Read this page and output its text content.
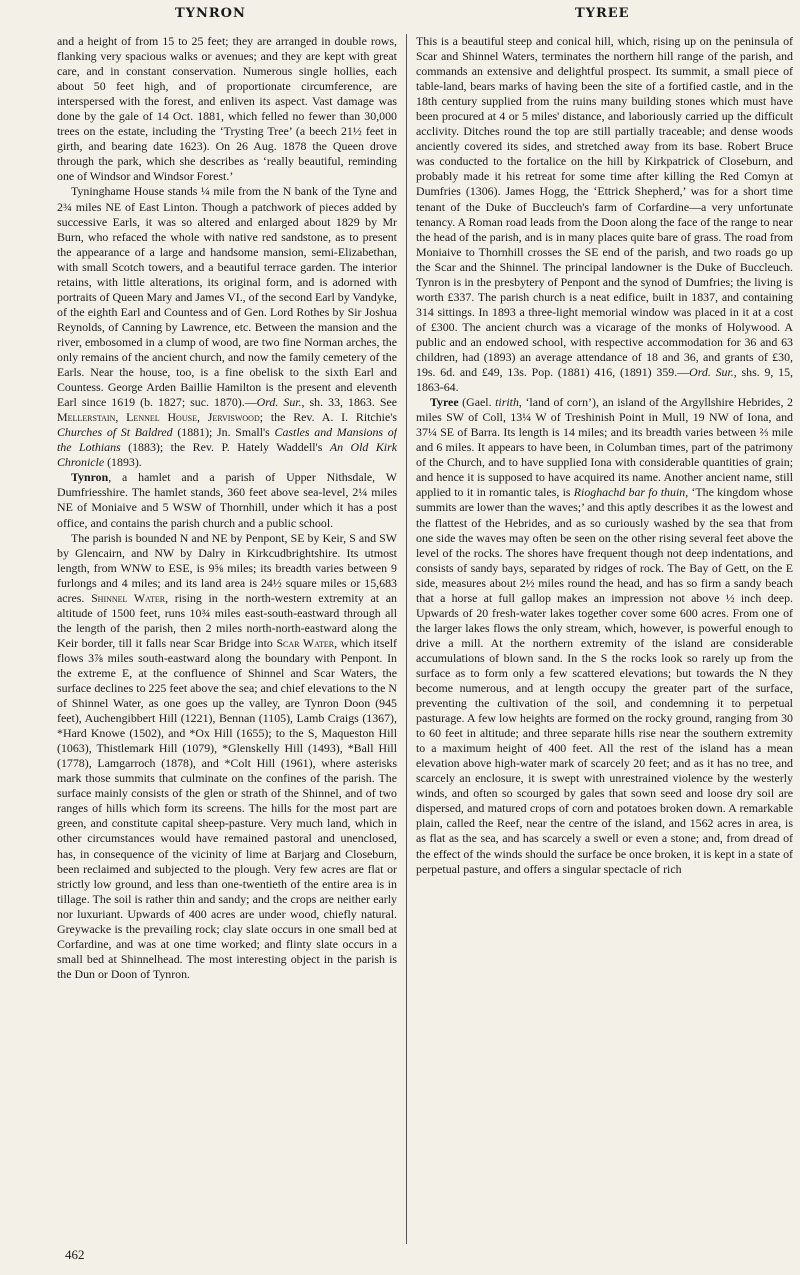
TYNRON	TYREE

and a height of from 15 to 25 feet; they are arranged in double rows, flanking very spacious walks or avenues; and they are kept with great care, and in constant conservation. Numerous single hollies, each about 50 feet high, and of proportionate circumference, are interspersed with the forest, and enliven its aspect. Vast damage was done by the gale of 14 Oct. 1881, which felled no fewer than 30,000 trees on the estate, including the ‘Trysting Tree’ (a beech 21½ feet in girth, and bearing date 1623). On 26 Aug. 1878 the Queen drove through the park, which she describes as ‘really beautiful, reminding one of Windsor and Windsor Forest.’

Tyninghame House stands ¼ mile from the N bank of the Tyne and 2¾ miles NE of East Linton. Though a patchwork of pieces added by successive Earls, it was so altered and enlarged about 1829 by Mr Burn, who refaced the whole with native red sandstone, as to present the appearance of a large and handsome mansion, semi-Elizabethan, with small Scotch towers, and a beautiful terrace garden. The interior retains, with little alterations, its original form, and is adorned with portraits of Queen Mary and James VI., of the second Earl by Vandyke, of the eighth Earl and Countess and of Gen. Lord Rothes by Sir Joshua Reynolds, of Canning by Lawrence, etc. Between the mansion and the river, embosomed in a clump of wood, are two fine Norman arches, the only remains of the ancient church, and now the family cemetery of the Earls. Near the house, too, is a fine obelisk to the sixth Earl and Countess. George Arden Baillie Hamilton is the present and eleventh Earl since 1619 (b. 1827; suc. 1870).—Ord. Sur., sh. 33, 1863. See Mellerstain, Lennel House, Jerviswood; the Rev. A. I. Ritchie's Churches of St Baldred (1881); Jn. Small's Castles and Mansions of the Lothians (1883); the Rev. P. Hately Waddell's An Old Kirk Chronicle (1893).

Tynron, a hamlet and a parish of Upper Nithsdale, W Dumfriesshire. The hamlet stands, 360 feet above sea-level, 2¼ miles NE of Moniaive and 5 WSW of Thornhill, under which it has a post office, and contains the parish church and a public school.

The parish is bounded N and NE by Penpont, SE by Keir, S and SW by Glencairn, and NW by Dalry in Kirkcudbrightshire. Its utmost length, from WNW to ESE, is 9⅝ miles; its breadth varies between 9 furlongs and 4 miles; and its land area is 24½ square miles or 15,683 acres. Shinnel Water, rising in the north-western extremity at an altitude of 1500 feet, runs 10¾ miles east-south-eastward through all the length of the parish, then 2 miles north-north-eastward along the Keir border, till it falls near Scar Bridge into Scar Water, which itself flows 3⅞ miles south-eastward along the boundary with Penpont. In the extreme E, at the confluence of Shinnel and Scar Waters, the surface declines to 225 feet above the sea; and chief elevations to the N of Shinnel Water, as one goes up the valley, are Tynron Doon (945 feet), Auchengibbert Hill (1221), Bennan (1105), Lamb Craigs (1367), *Hard Knowe (1502), and *Ox Hill (1655); to the S, Maqueston Hill (1063), Thistlemark Hill (1079), *Glenskelly Hill (1493), *Ball Hill (1778), Lamgarroch (1878), and *Colt Hill (1961), where asterisks mark those summits that culminate on the confines of the parish. The surface mainly consists of the glen or strath of the Shinnel, and of two ranges of hills which form its screens. The hills for the most part are green, and constitute capital sheep-pasture. Very much land, which in other circumstances would have remained pastoral and unenclosed, has, in consequence of the vicinity of lime at Barjarg and Closeburn, been reclaimed and subjected to the plough. Very few acres are flat or strictly low ground, and less than one-twentieth of the entire area is in tillage. The soil is rather thin and sandy; and the crops are neither early nor luxuriant. Upwards of 400 acres are under wood, chiefly natural. Greywacke is the prevailing rock; clay slate occurs in one small bed at Corfardine, and was at one time worked; and flinty slate occurs in a small bed at Shinnelhead. The most interesting object in the parish is the Dun or Doon of Tynron.

This is a beautiful steep and conical hill, which, rising up on the peninsula of Scar and Shinnel Waters, terminates the northern hill range of the parish, and commands an extensive and delightful prospect. Its summit, a small piece of table-land, bears marks of having been the site of a fortified castle, and in the 18th century supplied from the ruins many building stones which must have been procured at 4 or 5 miles' distance, and laboriously carried up the difficult acclivity. Ditches round the top are still partially traceable; and dense woods anciently covered its sides, and stretched away from its base. Robert Bruce was conducted to the fortalice on the hill by Kirkpatrick of Closeburn, and probably made it his retreat for some time after killing the Red Comyn at Dumfries (1306). James Hogg, the ‘Ettrick Shepherd,’ was for a short time tenant of the Duke of Buccleuch's farm of Corfardine—a very unfortunate tenancy. A Roman road leads from the Doon along the face of the range to near the head of the parish, and is in many places quite bare of grass. The road from Moniaive to Thornhill crosses the SE end of the parish, and two roads go up the Scar and the Shinnel. The principal landowner is the Duke of Buccleuch. Tynron is in the presbytery of Penpont and the synod of Dumfries; the living is worth £337. The parish church is a neat edifice, built in 1837, and containing 314 sittings. In 1893 a three-light memorial window was placed in it at a cost of £300. The ancient church was a vicarage of the monks of Holywood. A public and an endowed school, with respective accommodation for 36 and 63 children, had (1893) an average attendance of 18 and 36, and grants of £30, 19s. 6d. and £49, 13s. Pop. (1881) 416, (1891) 359.—Ord. Sur., shs. 9, 15, 1863-64.

Tyree (Gael. tirith, ‘land of corn’), an island of the Argyllshire Hebrides, 2 miles SW of Coll, 13¼ W of Treshinish Point in Mull, 19 NW of Iona, and 37¼ SE of Barra. Its length is 14 miles; and its breadth varies between ⅔ mile and 6 miles. It appears to have been, in Columban times, part of the patrimony of the Church, and to have supplied Iona with considerable quantities of grain; and hence it is supposed to have acquired its name. Another ancient name, still applied to it in romantic tales, is Rioghachd bar fo thuin, ‘The kingdom whose summits are lower than the waves;’ and this aptly describes it as the lowest and the flattest of the Hebrides, and as so curiously washed by the sea that from one side the waves may often be seen on the other rising several feet above the level of the rocks. The shores have frequent though not deep indentations, and consists of sandy bays, separated by ridges of rock. The Bay of Gett, on the E side, measures about 2½ miles round the head, and has so firm a sandy beach that a horse at full gallop makes an impression not above ½ inch deep. Upwards of 20 fresh-water lakes together cover some 600 acres. From one of the larger lakes flows the only stream, which, however, is powerful enough to drive a mill. At the northern extremity of the island are considerable accumulations of blown sand. In the S the rocks look so rarely up from the surface as to form only a few scattered elevations; but towards the N they become numerous, and at length occupy the greater part of the surface, preventing the cultivation of the soil, and condemning it to perpetual pasturage. A few low heights are formed on the rocky ground, ranging from 30 to 60 feet in altitude; and three separate hills rise near the southern extremity to a maximum height of 400 feet. All the rest of the island has a mean elevation above high-water mark of scarcely 20 feet; and as it has no tree, and scarcely an enclosure, it is swept with unrestrained violence by the westerly winds, and often so scourged by gales that sown seed and loose dry soil are dispersed, and matured crops of corn and potatoes broken down. A remarkable plain, called the Reef, near the centre of the island, and 1562 acres in area, is as flat as the sea, and has scarcely a swell or even a stone; and, from dread of the effect of the winds should the surface be once broken, it is kept in a state of perpetual pasture, and offers a singular spectacle of rich

462
